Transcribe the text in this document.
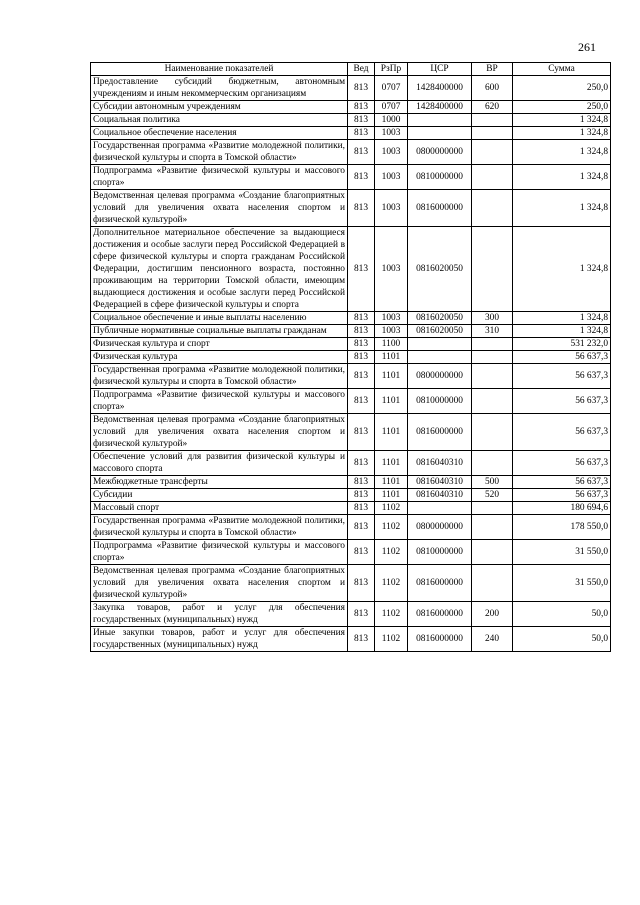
261
Наименование показателей	Вед	РзПр	ЦСР	ВР	Сумма
Предоставление субсидий бюджетным, автономным учреждениям и иным некоммерческим организациям	813	0707	1428400000	600	250,0
Субсидии автономным учреждениям	813	0707	1428400000	620	250,0
Социальная политика	813	1000			1 324,8
Социальное обеспечение населения	813	1003			1 324,8
Государственная программа «Развитие молодежной политики, физической культуры и спорта в Томской области»	813	1003	0800000000		1 324,8
Подпрограмма «Развитие физической культуры и массового спорта»	813	1003	0810000000		1 324,8
Ведомственная целевая программа «Создание благоприятных условий для увеличения охвата населения спортом и физической культурой»	813	1003	0816000000		1 324,8
Дополнительное материальное обеспечение за выдающиеся достижения и особые заслуги перед Российской Федерацией в сфере физической культуры и спорта гражданам Российской Федерации, достигшим пенсионного возраста, постоянно проживающим на территории Томской области, имеющим выдающиеся достижения и особые заслуги перед Российской Федерацией в сфере физической культуры и спорта	813	1003	0816020050		1 324,8
Социальное обеспечение и иные выплаты населению	813	1003	0816020050	300	1 324,8
Публичные нормативные социальные выплаты гражданам	813	1003	0816020050	310	1 324,8
Физическая культура и спорт	813	1100			531 232,0
Физическая культура	813	1101			56 637,3
Государственная программа «Развитие молодежной политики, физической культуры и спорта в Томской области»	813	1101	0800000000		56 637,3
Подпрограмма «Развитие физической культуры и массового спорта»	813	1101	0810000000		56 637,3
Ведомственная целевая программа «Создание благоприятных условий для увеличения охвата населения спортом и физической культурой»	813	1101	0816000000		56 637,3
Обеспечение условий для развития физической культуры и массового спорта	813	1101	0816040310		56 637,3
Межбюджетные трансферты	813	1101	0816040310	500	56 637,3
Субсидии	813	1101	0816040310	520	56 637,3
Массовый спорт	813	1102			180 694,6
Государственная программа «Развитие молодежной политики, физической культуры и спорта в Томской области»	813	1102	0800000000		178 550,0
Подпрограмма «Развитие физической культуры и массового спорта»	813	1102	0810000000		31 550,0
Ведомственная целевая программа «Создание благоприятных условий для увеличения охвата населения спортом и физической культурой»	813	1102	0816000000		31 550,0
Закупка товаров, работ и услуг для обеспечения государственных (муниципальных) нужд	813	1102	0816000000	200	50,0
Иные закупки товаров, работ и услуг для обеспечения государственных (муниципальных) нужд	813	1102	0816000000	240	50,0
